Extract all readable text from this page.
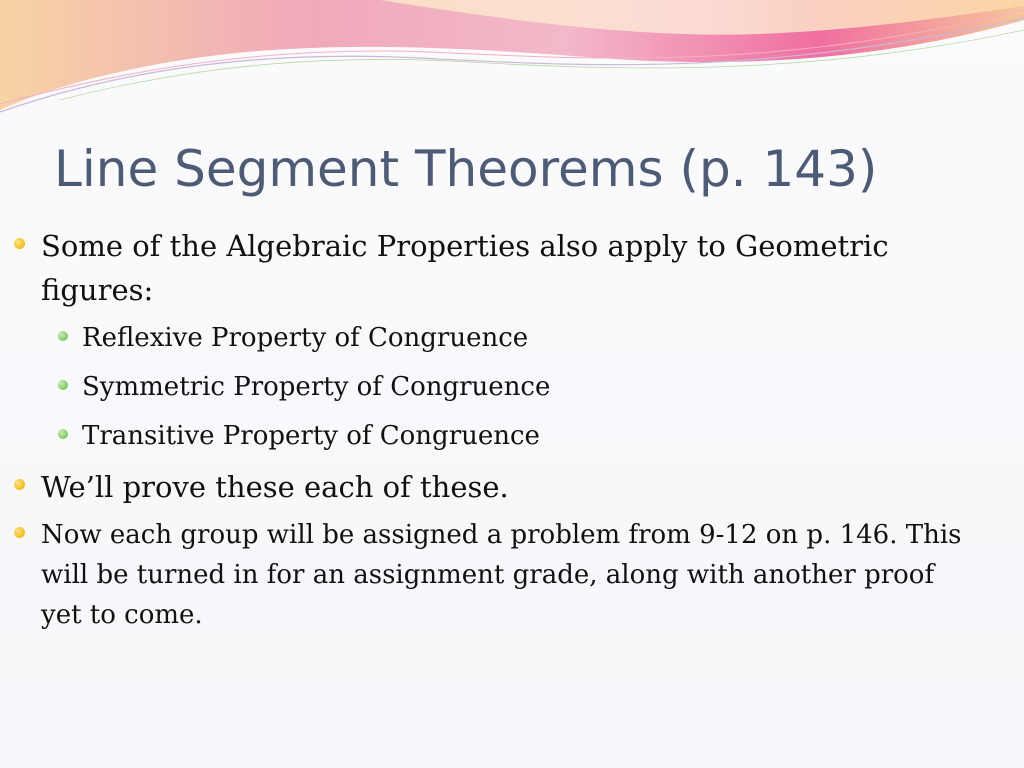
Line Segment Theorems (p. 143)
Some of the Algebraic Properties also apply to Geometric figures:
Reflexive Property of Congruence
Symmetric Property of Congruence
Transitive Property of Congruence
We’ll prove these each of these.
Now each group will be assigned a problem from 9-12 on p. 146. This will be turned in for an assignment grade, along with another proof yet to come.
